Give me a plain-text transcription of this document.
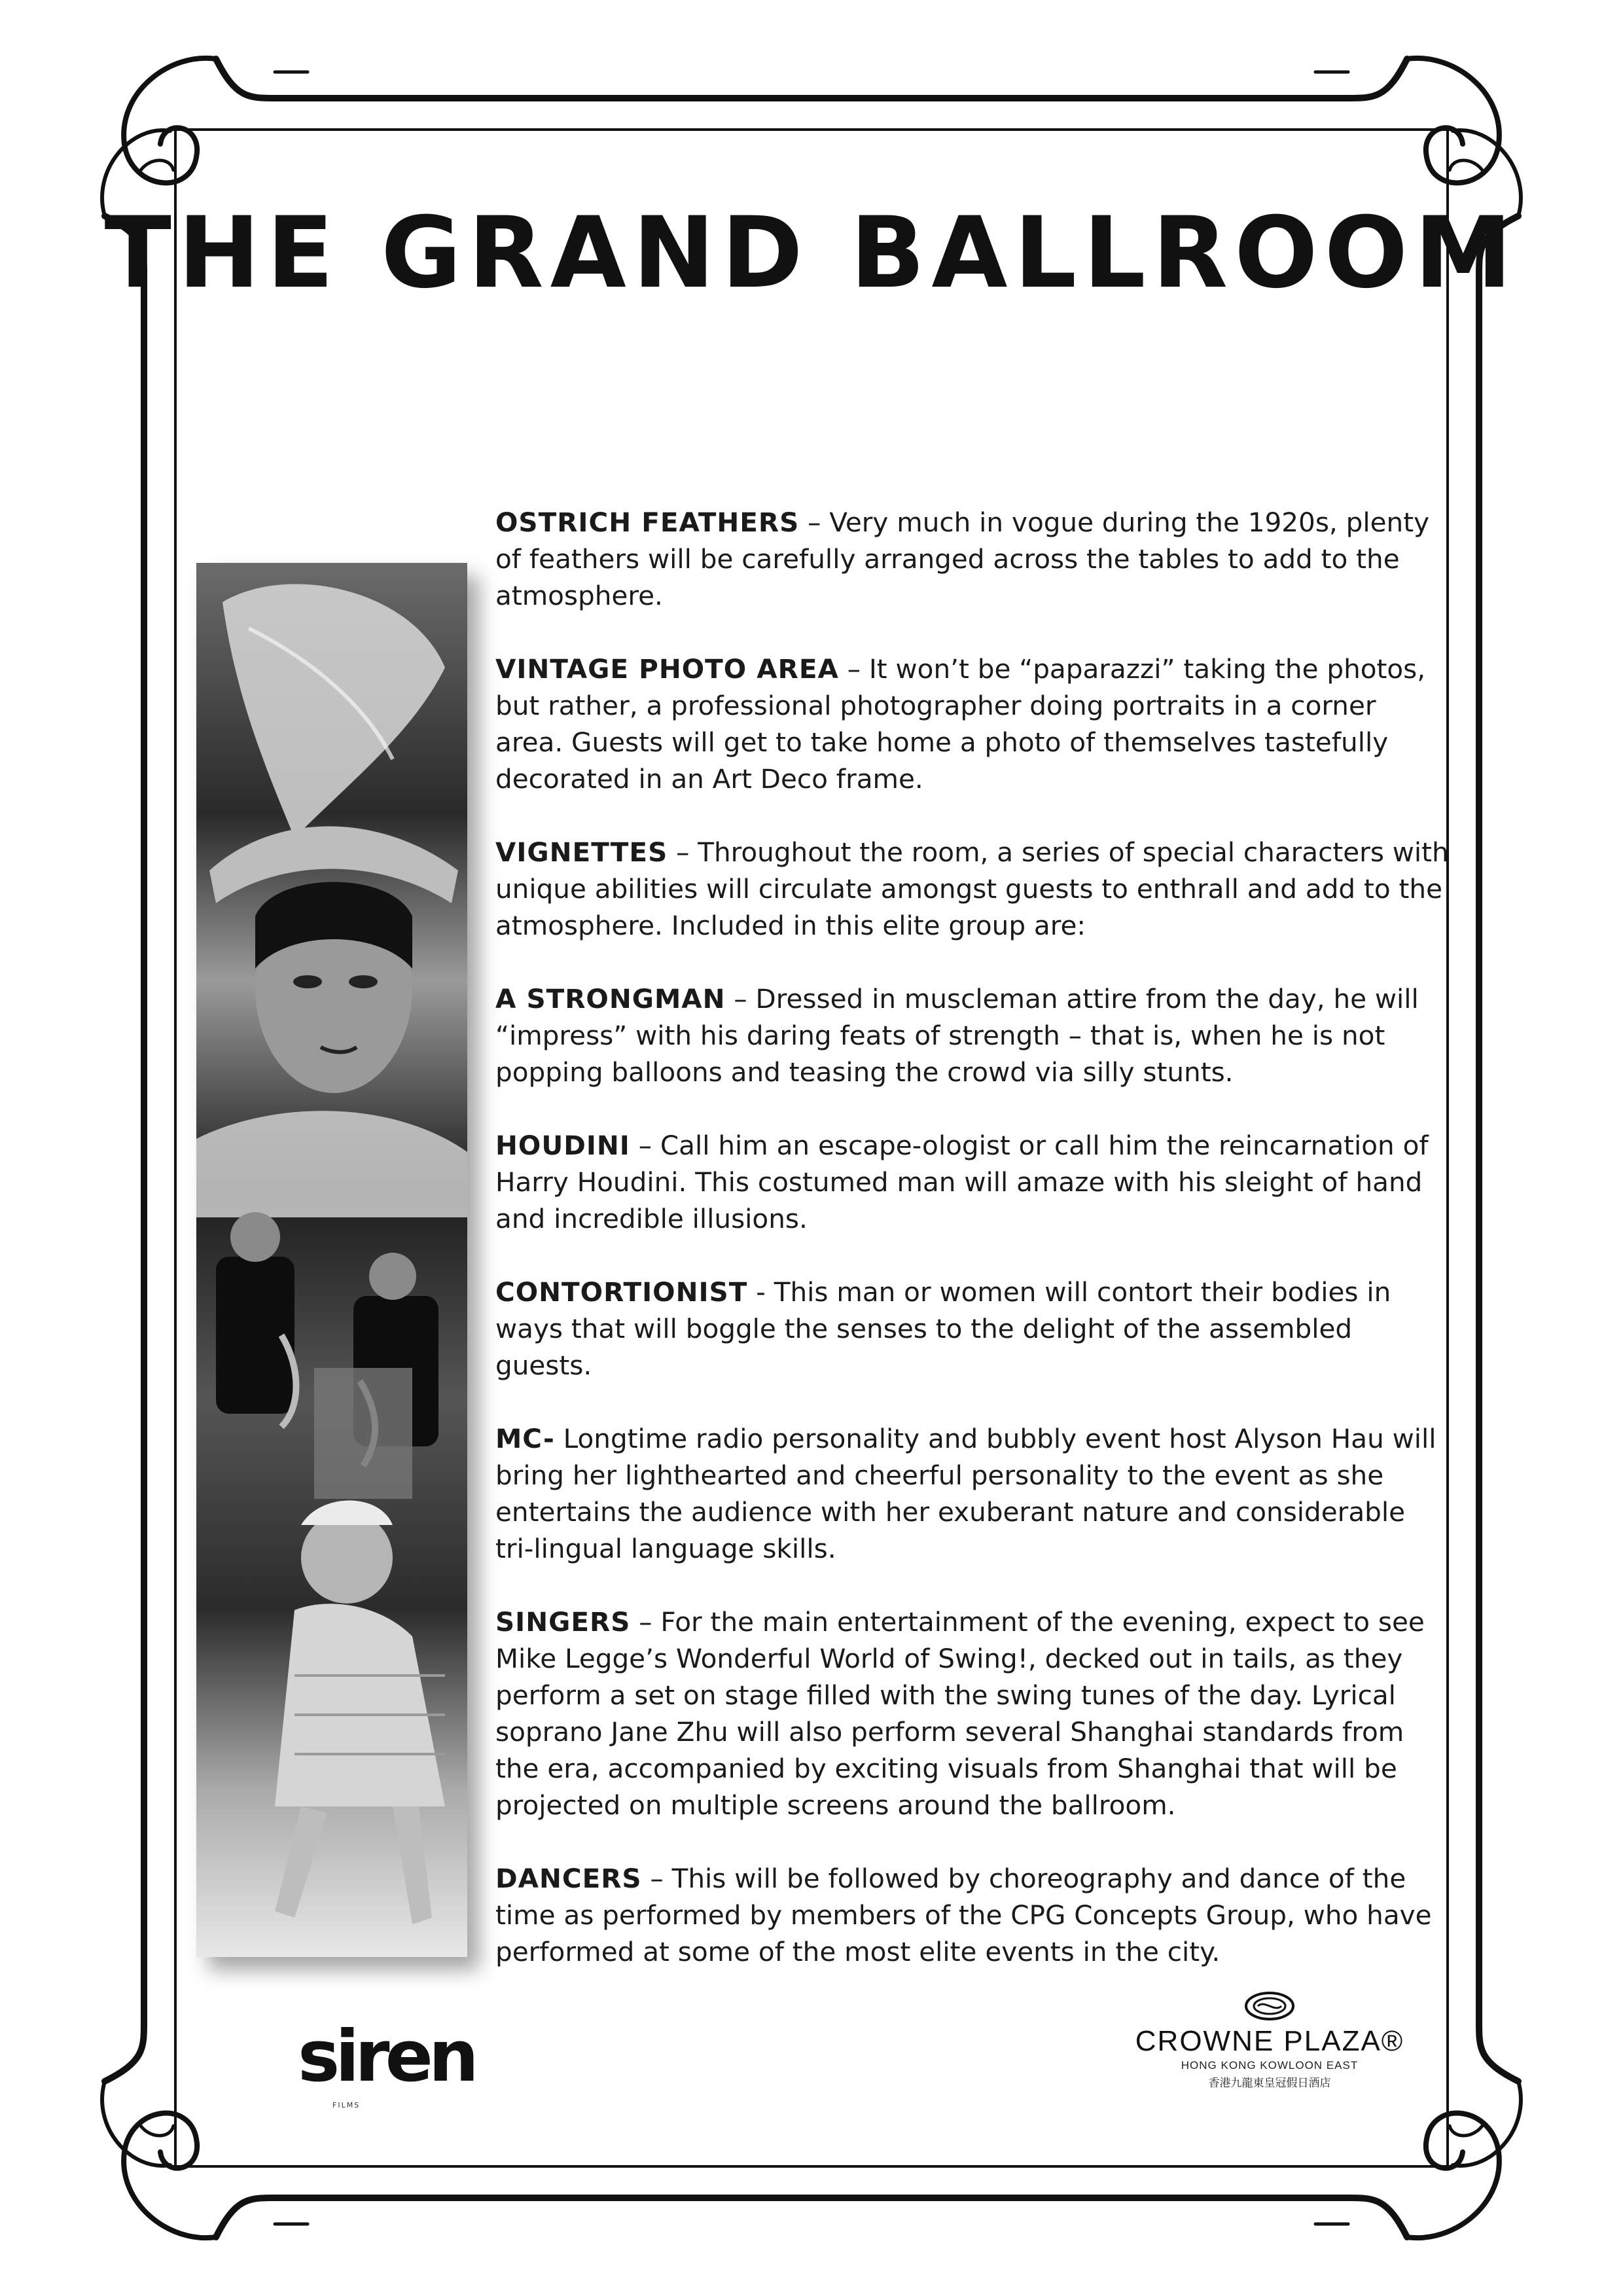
THE GRAND BALLROOM

OSTRICH FEATHERS – Very much in vogue during the 1920s, plenty of feathers will be carefully arranged across the tables to add to the atmosphere.

VINTAGE PHOTO AREA – It won’t be “paparazzi” taking the photos, but rather, a professional photographer doing portraits in a corner area. Guests will get to take home a photo of themselves tastefully decorated in an Art Deco frame.

VIGNETTES – Throughout the room, a series of special characters with unique abilities will circulate amongst guests to enthrall and add to the atmosphere. Included in this elite group are:

A STRONGMAN – Dressed in muscleman attire from the day, he will “impress” with his daring feats of strength – that is, when he is not popping balloons and teasing the crowd via silly stunts.

HOUDINI – Call him an escape-ologist or call him the reincarnation of Harry Houdini. This costumed man will amaze with his sleight of hand and incredible illusions.

CONTORTIONIST - This man or women will contort their bodies in ways that will boggle the senses to the delight of the assembled guests.

MC- Longtime radio personality and bubbly event host Alyson Hau will bring her lighthearted and cheerful personality to the event as she entertains the audience with her exuberant nature and considerable tri-lingual language skills.

SINGERS – For the main entertainment of the evening, expect to see Mike Legge’s Wonderful World of Swing!, decked out in tails, as they perform a set on stage filled with the swing tunes of the day. Lyrical soprano Jane Zhu will also perform several Shanghai standards from the era, accompanied by exciting visuals from Shanghai that will be projected on multiple screens around the ballroom.

DANCERS – This will be followed by choreography and dance of the time as performed by members of the CPG Concepts Group, who have performed at some of the most elite events in the city.

siren
FILMS
CROWNE PLAZA®
HONG KONG KOWLOON EAST
香港九龍東皇冠假日酒店
